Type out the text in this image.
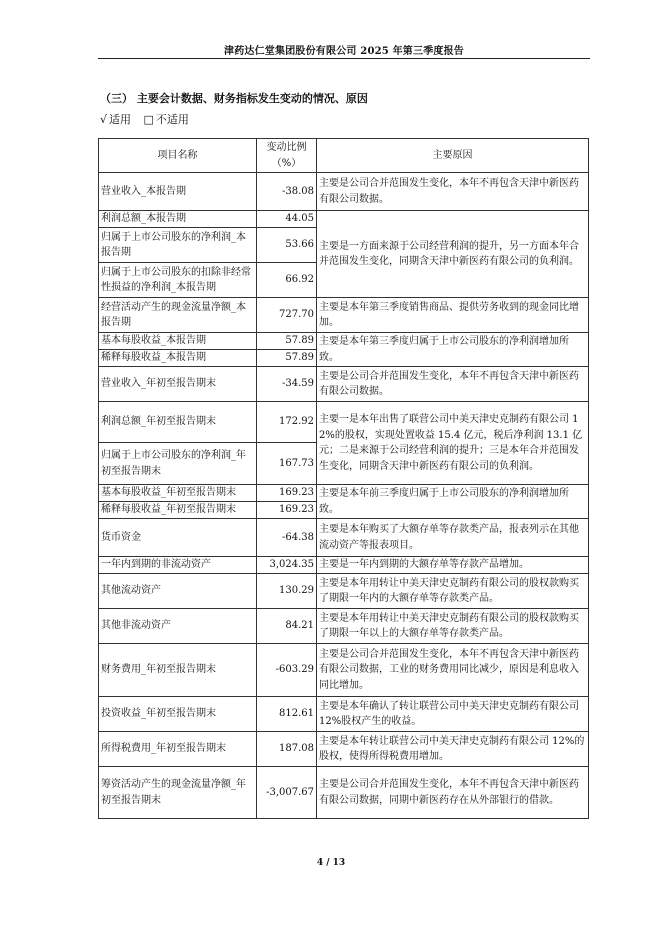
津药达仁堂集团股份有限公司 2025 年第三季度报告
（三） 主要会计数据、财务指标发生变动的情况、原因
√ 适用 □ 不适用
项目名称	变动比例（%）	主要原因
营业收入_本报告期	-38.08	主要是公司合并范围发生变化，本年不再包含天津中新医药有限公司数据。
利润总额_本报告期	44.05	主要是一方面来源于公司经营利润的提升，另一方面本年合并范围发生变化，同期含天津中新医药有限公司的负利润。
归属于上市公司股东的净利润_本报告期	53.66	
归属于上市公司股东的扣除非经常性损益的净利润_本报告期	66.92	
经营活动产生的现金流量净额_本报告期	727.70	主要是本年第三季度销售商品、提供劳务收到的现金同比增加。
基本每股收益_本报告期	57.89	主要是本年第三季度归属于上市公司股东的净利润增加所致。
稀释每股收益_本报告期	57.89	
营业收入_年初至报告期末	-34.59	主要是公司合并范围发生变化，本年不再包含天津中新医药有限公司数据。
利润总额_年初至报告期末	172.92	主要一是本年出售了联营公司中美天津史克制药有限公司 12%的股权，实现处置收益 15.4 亿元，税后净利润 13.1 亿元；二是来源于公司经营利润的提升；三是本年合并范围发生变化，同期含天津中新医药有限公司的负利润。
归属于上市公司股东的净利润_年初至报告期末	167.73	
基本每股收益_年初至报告期末	169.23	主要是本年前三季度归属于上市公司股东的净利润增加所致。
稀释每股收益_年初至报告期末	169.23	
货币资金	-64.38	主要是本年购买了大额存单等存款类产品，报表列示在其他流动资产等报表项目。
一年内到期的非流动资产	3,024.35	主要是一年内到期的大额存单等存款产品增加。
其他流动资产	130.29	主要是本年用转让中美天津史克制药有限公司的股权款购买了期限一年内的大额存单等存款类产品。
其他非流动资产	84.21	主要是本年用转让中美天津史克制药有限公司的股权款购买了期限一年以上的大额存单等存款类产品。
财务费用_年初至报告期末	-603.29	主要是公司合并范围发生变化，本年不再包含天津中新医药有限公司数据，工业的财务费用同比减少，原因是利息收入同比增加。
投资收益_年初至报告期末	812.61	主要是本年确认了转让联营公司中美天津史克制药有限公司 12%股权产生的收益。
所得税费用_年初至报告期末	187.08	主要是本年转让联营公司中美天津史克制药有限公司 12%的股权，使得所得税费用增加。
筹资活动产生的现金流量净额_年初至报告期末	-3,007.67	主要是公司合并范围发生变化，本年不再包含天津中新医药有限公司数据，同期中新医药存在从外部银行的借款。
4 / 13
